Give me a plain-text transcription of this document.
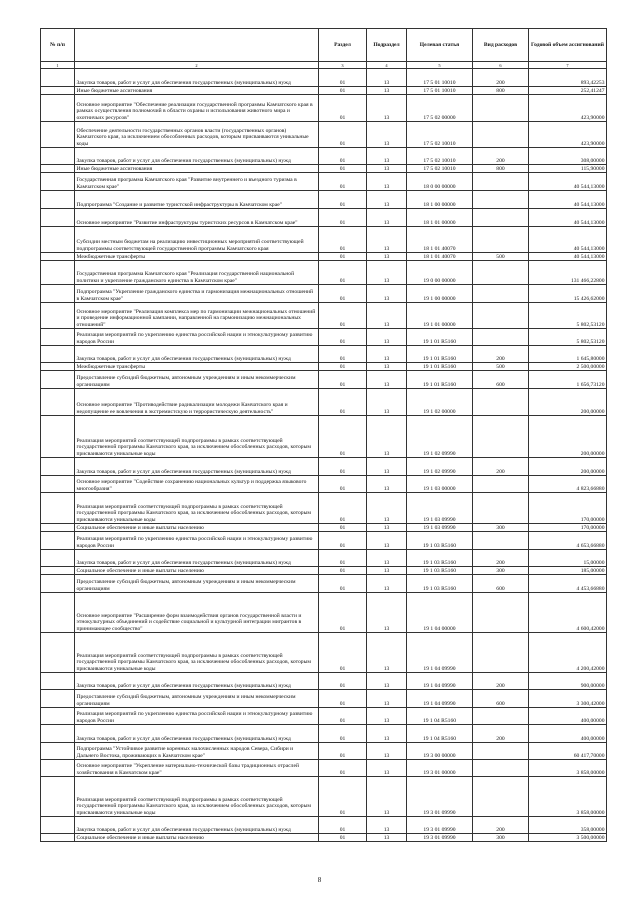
№ п/п		Раздел	Подраздел	Целевая статья	Вид расходов	Годовой объем ассигнований
1	2	3	4	5	6	7
	Закупка товаров, работ и услуг для обеспечения государственных (муниципальных) нужд	01	13	17 5 01 10010	200	893,42253
	Иные бюджетные ассигнования	01	13	17 5 01 10010	800	252,41247
	Основное мероприятие "Обеспечение реализации государственной программы Камчатского края в рамках осуществления полномочий в области охраны и использования животного мира и охотничьих ресурсов"	01	13	17 5 02 00000		423,90000
	Обеспечение деятельности государственных органов власти (государственных органов) Камчатского края, за исключением обособленных расходов, которым присваиваются уникальные коды	01	13	17 5 02 10010		423,90000
	Закупка товаров, работ и услуг для обеспечения государственных (муниципальных) нужд	01	13	17 5 02 10010	200	308,00000
	Иные бюджетные ассигнования	01	13	17 5 02 10010	800	115,90000
	Государственная программа Камчатского края "Развитие внутреннего и въездного туризма в Камчатском крае"	01	13	18 0 00 00000		40 544,13000
	Подпрограмма "Создание и развитие туристской инфраструктуры в Камчатском крае"	01	13	18 1 00 00000		40 544,13000
	Основное мероприятие "Развитие инфраструктуры туристских ресурсов в Камчатском крае"	01	13	18 1 01 00000		40 544,13000
	Субсидии местным бюджетам на реализацию инвестиционных мероприятий соответствующей подпрограммы соответствующей государственной программы Камчатского края	01	13	18 1 01 40070		40 544,13000
	Межбюджетные трансферты	01	13	18 1 01 40070	500	40 544,13000
	Государственная программа Камчатского края "Реализация государственной национальной политики и укрепление гражданского единства в Камчатском крае"	01	13	19 0 00 00000		131 466,22800
	Подпрограмма "Укрепление гражданского единства и гармонизация межнациональных отношений в Камчатском крае"	01	13	19 1 00 00000		15 426,62000
	Основное мероприятие "Реализация комплекса мер по гармонизации межнациональных отношений и проведение информационной кампании, направленной на гармонизацию межнациональных отношений"	01	13	19 1 01 00000		5 802,53120
	Реализация мероприятий по укреплению единства российской нации и этнокультурному развитию народов России	01	13	19 1 01 R5160		5 802,53120
	Закупка товаров, работ и услуг для обеспечения государственных (муниципальных) нужд	01	13	19 1 01 R5160	200	1 645,80000
	Межбюджетные трансферты	01	13	19 1 01 R5160	500	2 500,00000
	Предоставление субсидий бюджетным, автономным учреждениям и иным некоммерческим организациям	01	13	19 1 01 R5160	600	1 656,73120
	Основное мероприятие "Противодействие радикализации молодежи Камчатского края и недопущение ее вовлечения в экстремистскую и террористическую деятельность"	01	13	19 1 02 00000		200,00000
	Реализация мероприятий соответствующей подпрограммы в рамках соответствующей государственной программы Камчатского края, за исключением обособленных расходов, которым присваиваются уникальные коды	01	13	19 1 02 09990		200,00000
	Закупка товаров, работ и услуг для обеспечения государственных (муниципальных) нужд	01	13	19 1 02 09990	200	200,00000
	Основное мероприятие "Содействие сохранению национальных культур и поддержка языкового многообразия"	01	13	19 1 03 00000		4 823,66880
	Реализация мероприятий соответствующей подпрограммы в рамках соответствующей государственной программы Камчатского края, за исключением обособленных расходов, которым присваиваются уникальные коды	01	13	19 1 03 09990		170,00000
	Социальное обеспечение и иные выплаты населению	01	13	19 1 03 09990	300	170,00000
	Реализация мероприятий по укреплению единства российской нации и этнокультурному развитию народов России	01	13	19 1 03 R5160		4 653,66880
	Закупка товаров, работ и услуг для обеспечения государственных (муниципальных) нужд	01	13	19 1 03 R5160	200	15,00000
	Социальное обеспечение и иные выплаты населению	01	13	19 1 03 R5160	300	185,00000
	Предоставление субсидий бюджетным, автономным учреждениям и иным некоммерческим организациям	01	13	19 1 03 R5160	600	4 453,66880
	Основное мероприятие "Расширение форм взаимодействия органов государственной власти и этнокультурных объединений и содействие социальной и культурной интеграции мигрантов в принимающее сообщество"	01	13	19 1 04 00000		4 600,42000
	Реализация мероприятий соответствующей подпрограммы в рамках соответствующей государственной программы Камчатского края, за исключением обособленных расходов, которым присваиваются уникальные коды	01	13	19 1 04 09990		4 200,42000
	Закупка товаров, работ и услуг для обеспечения государственных (муниципальных) нужд	01	13	19 1 04 09990	200	900,00000
	Предоставление субсидий бюджетным, автономным учреждениям и иным некоммерческим организациям	01	13	19 1 04 09990	600	3 300,42000
	Реализация мероприятий по укреплению единства российской нации и этнокультурному развитию народов России	01	13	19 1 04 R5160		400,00000
	Закупка товаров, работ и услуг для обеспечения государственных (муниципальных) нужд	01	13	19 1 04 R5160	200	400,00000
	Подпрограмма "Устойчивое развитие коренных малочисленных народов Севера, Сибири и Дальнего Востока, проживающих в Камчатском крае"	01	13	19 3 00 00000		60 417,70000
	Основное мероприятие "Укрепление материально-технической базы традиционных отраслей хозяйствования в Камчатском крае"	01	13	19 3 01 00000		3 858,00000
	Реализация мероприятий соответствующей подпрограммы в рамках соответствующей государственной программы Камчатского края, за исключением обособленных расходов, которым присваиваются уникальные коды	01	13	19 3 01 09990		3 858,00000
	Закупка товаров, работ и услуг для обеспечения государственных (муниципальных) нужд	01	13	19 3 01 09990	200	358,00000
	Социальное обеспечение и иные выплаты населению	01	13	19 3 01 09990	300	3 500,00000
8
